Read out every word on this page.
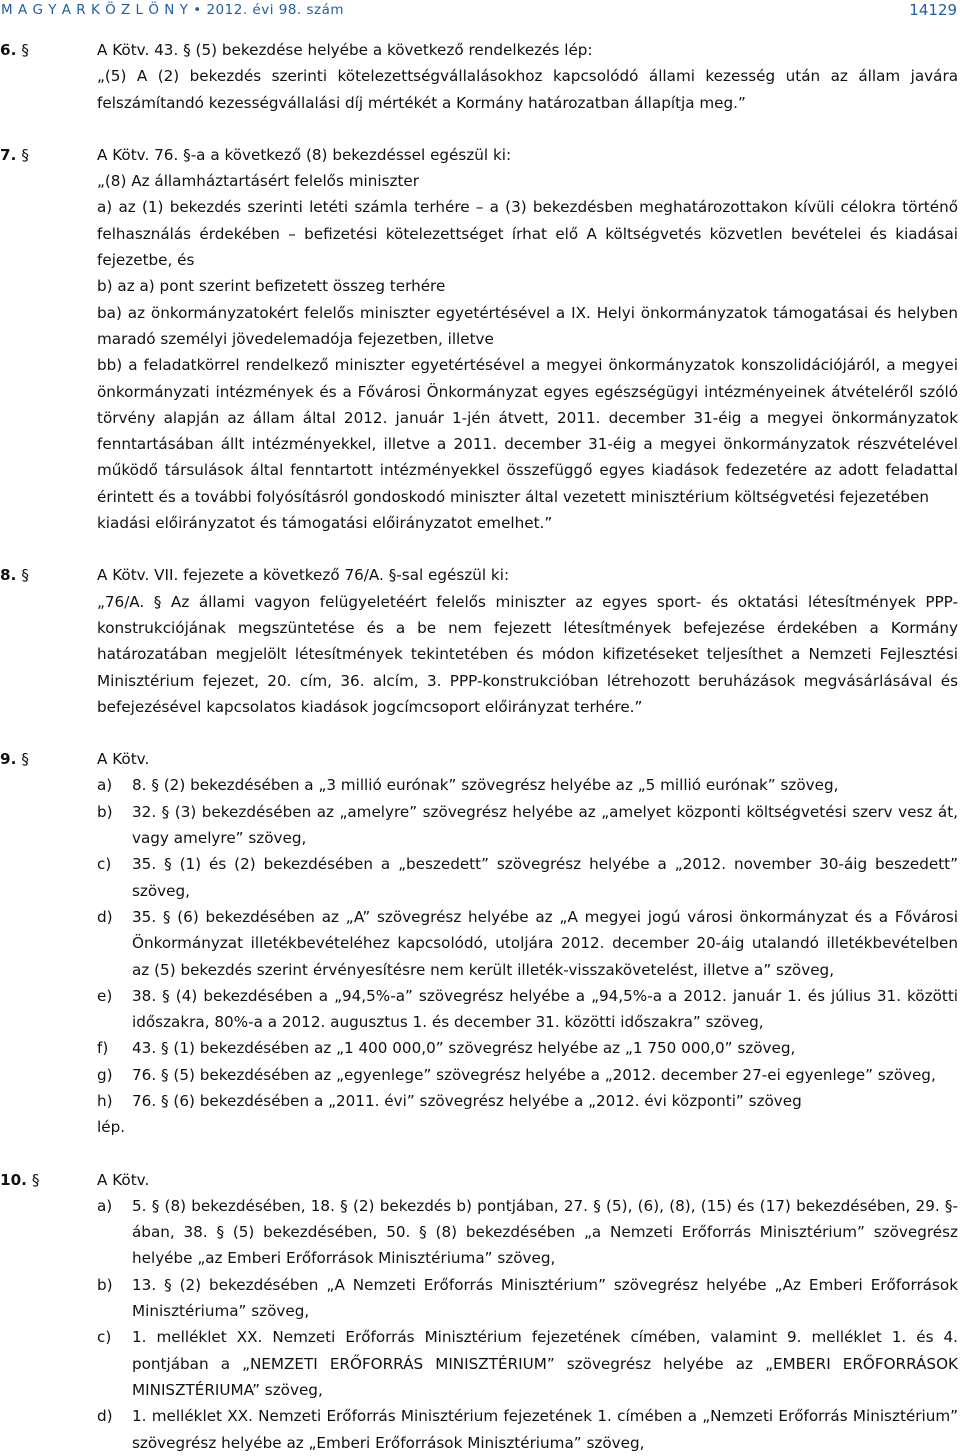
M A G Y A R K Ö Z L Ö N Y • 2012. évi 98. szám	14129
6. §	A Kötv. 43. § (5) bekezdése helyébe a következő rendelkezés lép:

„(5) A (2) bekezdés szerinti kötelezettségvállalásokhoz kapcsolódó állami kezesség után az állam javára felszámítandó kezességvállalási díj mértékét a Kormány határozatban állapítja meg.”

7. §	A Kötv. 76. §-a a következő (8) bekezdéssel egészül ki:

„(8) Az államháztartásért felelős miniszter

a) az (1) bekezdés szerinti letéti számla terhére – a (3) bekezdésben meghatározottakon kívüli célokra történő felhasználás érdekében – befizetési kötelezettséget írhat elő A költségvetés közvetlen bevételei és kiadásai fejezetbe, és

b) az a) pont szerint befizetett összeg terhére

ba) az önkormányzatokért felelős miniszter egyetértésével a IX. Helyi önkormányzatok támogatásai és helyben maradó személyi jövedelemadója fejezetben, illetve

bb) a feladatkörrel rendelkező miniszter egyetértésével a megyei önkormányzatok konszolidációjáról, a megyei önkormányzati intézmények és a Fővárosi Önkormányzat egyes egészségügyi intézményeinek átvételéről szóló törvény alapján az állam által 2012. január 1-jén átvett, 2011. december 31-éig a megyei önkormányzatok fenntartásában állt intézményekkel, illetve a 2011. december 31-éig a megyei önkormányzatok részvételével működő társulások által fenntartott intézményekkel összefüggő egyes kiadások fedezetére az adott feladattal érintett és a további folyósításról gondoskodó miniszter által vezetett minisztérium költségvetési fejezetében

kiadási előirányzatot és támogatási előirányzatot emelhet.”

8. §	A Kötv. VII. fejezete a következő 76/A. §-sal egészül ki:

„76/A. § Az állami vagyon felügyeletéért felelős miniszter az egyes sport- és oktatási létesítmények PPP-konstrukciójának megszüntetése és a be nem fejezett létesítmények befejezése érdekében a Kormány határozatában megjelölt létesítmények tekintetében és módon kifizetéseket teljesíthet a Nemzeti Fejlesztési Minisztérium fejezet, 20. cím, 36. alcím, 3. PPP-konstrukcióban létrehozott beruházások megvásárlásával és befejezésével kapcsolatos kiadások jogcímcsoport előirányzat terhére.”

9. §	A Kötv.

a) 8. § (2) bekezdésében a „3 millió eurónak” szövegrész helyébe az „5 millió eurónak” szöveg,
b) 32. § (3) bekezdésében az „amelyre” szövegrész helyébe az „amelyet központi költségvetési szerv vesz át, vagy amelyre” szöveg,
c) 35. § (1) és (2) bekezdésében a „beszedett” szövegrész helyébe a „2012. november 30-áig beszedett” szöveg,
d) 35. § (6) bekezdésében az „A” szövegrész helyébe az „A megyei jogú városi önkormányzat és a Fővárosi Önkormányzat illetékbevételéhez kapcsolódó, utoljára 2012. december 20-áig utalandó illetékbevételben az (5) bekezdés szerint érvényesítésre nem került illeték-visszakövetelést, illetve a” szöveg,
e) 38. § (4) bekezdésében a „94,5%-a” szövegrész helyébe a „94,5%-a a 2012. január 1. és július 31. közötti időszakra, 80%-a a 2012. augusztus 1. és december 31. közötti időszakra” szöveg,
f) 43. § (1) bekezdésében az „1 400 000,0” szövegrész helyébe az „1 750 000,0” szöveg,
g) 76. § (5) bekezdésében az „egyenlege” szövegrész helyébe a „2012. december 27-ei egyenlege” szöveg,
h) 76. § (6) bekezdésében a „2011. évi” szövegrész helyébe a „2012. évi központi” szöveg

lép.

10. §	A Kötv.

a) 5. § (8) bekezdésében, 18. § (2) bekezdés b) pontjában, 27. § (5), (6), (8), (15) és (17) bekezdésében, 29. §-ában, 38. § (5) bekezdésében, 50. § (8) bekezdésében „a Nemzeti Erőforrás Minisztérium” szövegrész helyébe „az Emberi Erőforrások Minisztériuma” szöveg,
b) 13. § (2) bekezdésében „A Nemzeti Erőforrás Minisztérium” szövegrész helyébe „Az Emberi Erőforrások Minisztériuma” szöveg,
c) 1. melléklet XX. Nemzeti Erőforrás Minisztérium fejezetének címében, valamint 9. melléklet 1. és 4. pontjában a „NEMZETI ERŐFORRÁS MINISZTÉRIUM” szövegrész helyébe az „EMBERI ERŐFORRÁSOK MINISZTÉRIUMA” szöveg,
d) 1. melléklet XX. Nemzeti Erőforrás Minisztérium fejezetének 1. címében a „Nemzeti Erőforrás Minisztérium” szövegrész helyébe az „Emberi Erőforrások Minisztériuma” szöveg,
